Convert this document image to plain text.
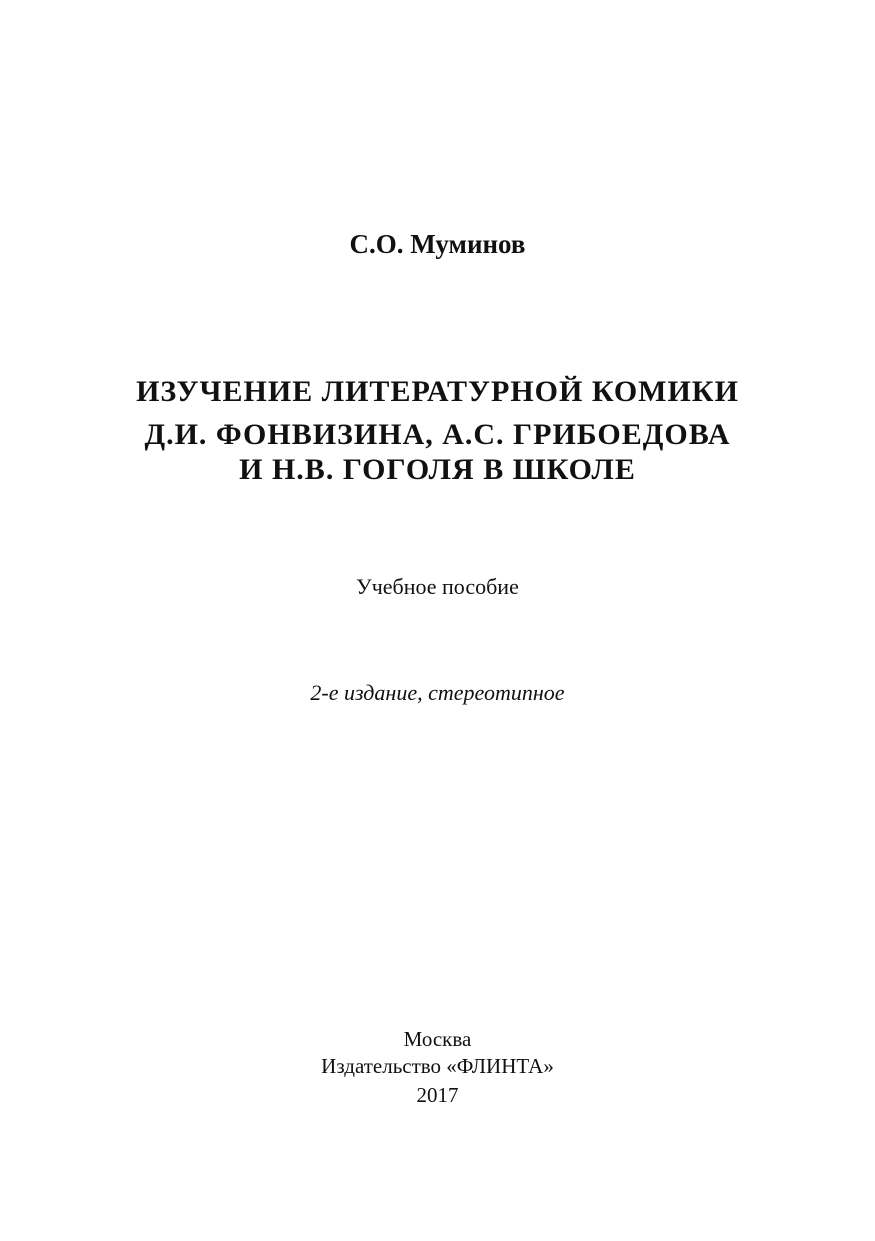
С.О. Муминов

ИЗУЧЕНИЕ ЛИТЕРАТУРНОЙ КОМИКИ

Д.И. ФОНВИЗИНА, А.С. ГРИБОЕДОВА

И Н.В. ГОГОЛЯ В ШКОЛЕ

Учебное пособие

2-е издание, стереотипное

Москва

Издательство «ФЛИНТА»

2017
